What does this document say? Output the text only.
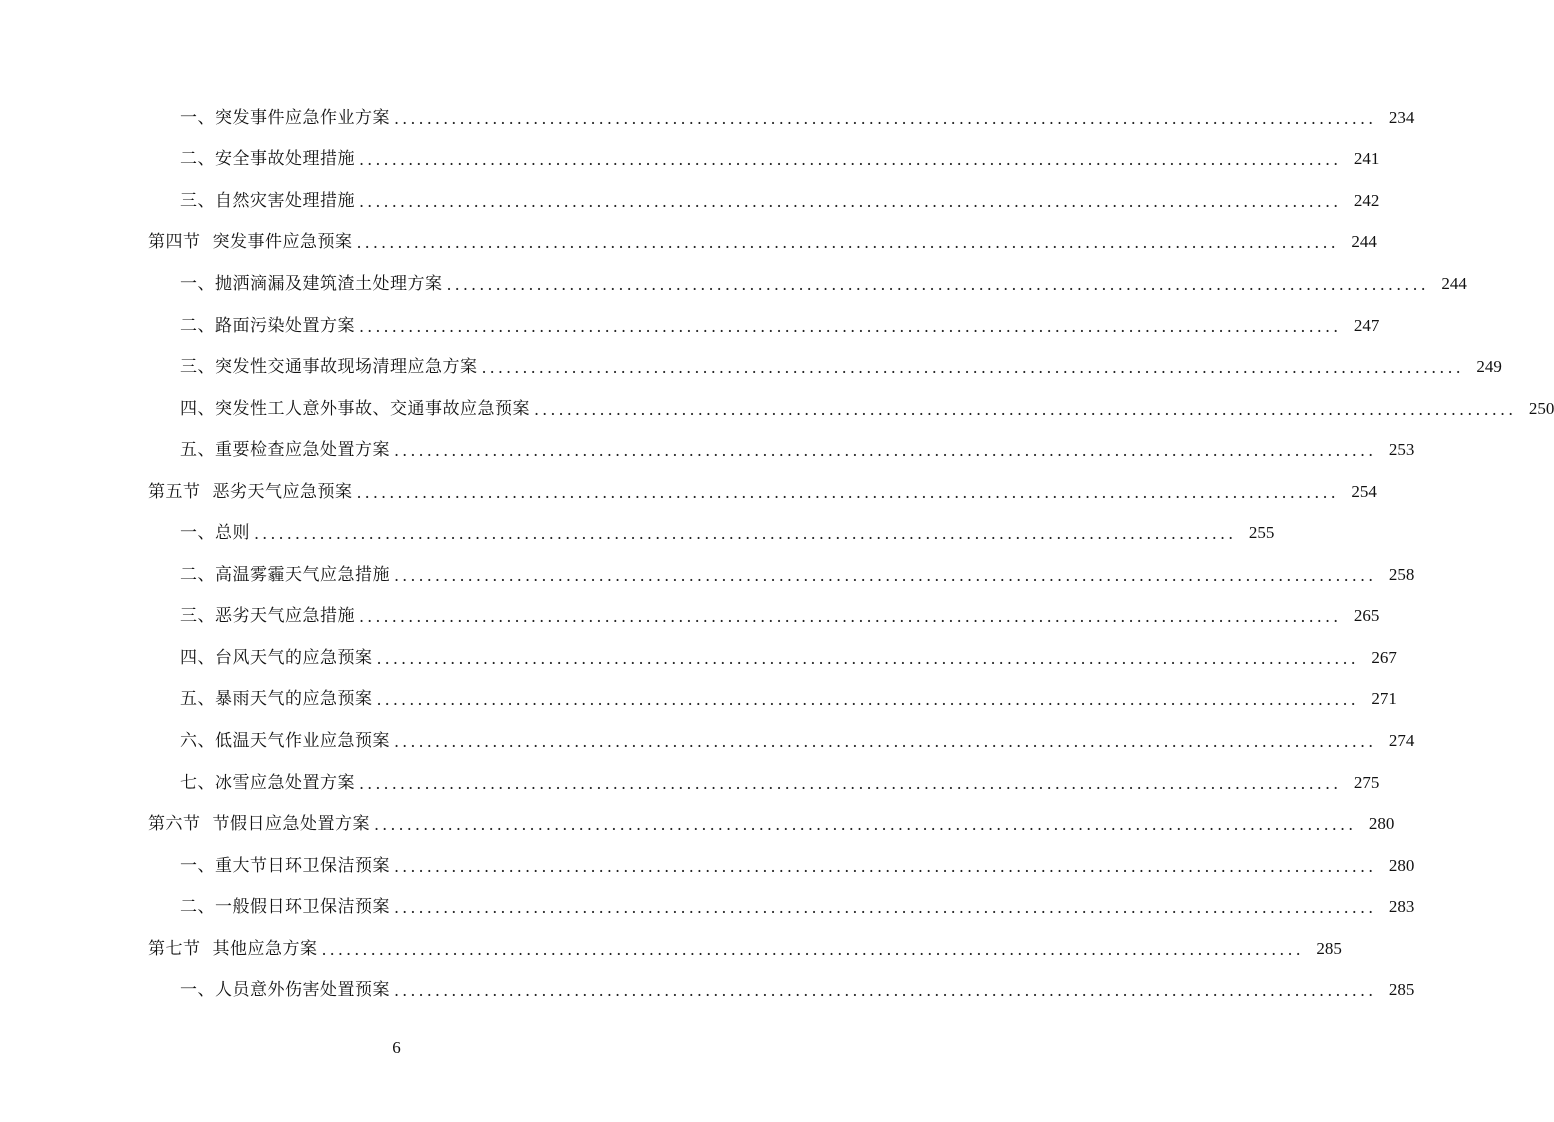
一、突发事件应急作业方案 ........................................................................................................................ 234
二、安全事故处理措施 ........................................................................................................................ 241
三、自然灾害处理措施 ........................................................................................................................ 242
第四节 突发事件应急预案 ........................................................................................................................ 244
一、抛洒滴漏及建筑渣土处理方案 ........................................................................................................................ 244
二、路面污染处置方案 ........................................................................................................................ 247
三、突发性交通事故现场清理应急方案 ........................................................................................................................ 249
四、突发性工人意外事故、交通事故应急预案 ........................................................................................................................ 250
五、重要检查应急处置方案 ........................................................................................................................ 253
第五节 恶劣天气应急预案 ........................................................................................................................ 254
一、总则 ........................................................................................................................ 255
二、高温雾霾天气应急措施 ........................................................................................................................ 258
三、恶劣天气应急措施 ........................................................................................................................ 265
四、台风天气的应急预案 ........................................................................................................................ 267
五、暴雨天气的应急预案 ........................................................................................................................ 271
六、低温天气作业应急预案 ........................................................................................................................ 274
七、冰雪应急处置方案 ........................................................................................................................ 275
第六节 节假日应急处置方案 ........................................................................................................................ 280
一、重大节日环卫保洁预案 ........................................................................................................................ 280
二、一般假日环卫保洁预案 ........................................................................................................................ 283
第七节 其他应急方案 ........................................................................................................................ 285
一、人员意外伤害处置预案 ........................................................................................................................ 285
6
